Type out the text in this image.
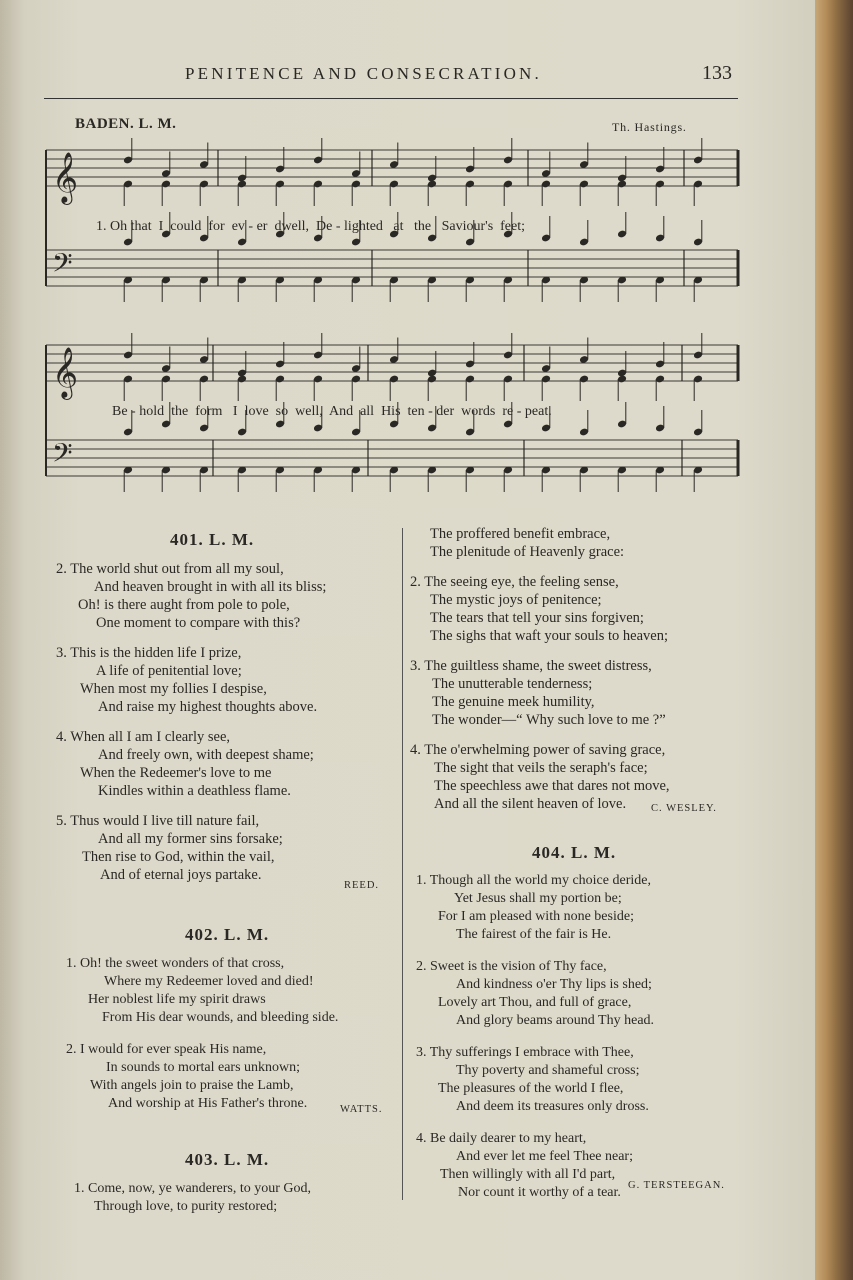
PENITENCE AND CONSECRATION.	133
BADEN. L. M.	Th. Hastings.
𝄞
𝄢
𝄞
𝄢
1. Oh that  I  could  for  ev - er  dwell,  De - lighted   at   the   Saviour's  feet;
Be - hold  the  form   I  love  so  well,  And  all  His  ten - der  words  re - peat.
401. L. M.
2. The world shut out from all my soul,
And heaven brought in with all its bliss;
Oh! is there aught from pole to pole,
One moment to compare with this?
3. This is the hidden life I prize,
A life of penitential love;
When most my follies I despise,
And raise my highest thoughts above.
4. When all I am I clearly see,
And freely own, with deepest shame;
When the Redeemer's love to me
Kindles within a deathless flame.
5. Thus would I live till nature fail,
And all my former sins forsake;
Then rise to God, within the vail,
And of eternal joys partake.
REED.
402. L. M.
1. Oh! the sweet wonders of that cross,
Where my Redeemer loved and died!
Her noblest life my spirit draws
From His dear wounds, and bleeding side.
2. I would for ever speak His name,
In sounds to mortal ears unknown;
With angels join to praise the Lamb,
And worship at His Father's throne.	WATTS.
403. L. M.
1. Come, now, ye wanderers, to your God,
Through love, to purity restored;
The proffered benefit embrace,
The plenitude of Heavenly grace:
2. The seeing eye, the feeling sense,
The mystic joys of penitence;
The tears that tell your sins forgiven;
The sighs that waft your souls to heaven;
3. The guiltless shame, the sweet distress,
The unutterable tenderness;
The genuine meek humility,
The wonder—“ Why such love to me ?”
4. The o'erwhelming power of saving grace,
The sight that veils the seraph's face;
The speechless awe that dares not move,
And all the silent heaven of love.	C. WESLEY.
404. L. M.
1. Though all the world my choice deride,
Yet Jesus shall my portion be;
For I am pleased with none beside;
The fairest of the fair is He.
2. Sweet is the vision of Thy face,
And kindness o'er Thy lips is shed;
Lovely art Thou, and full of grace,
And glory beams around Thy head.
3. Thy sufferings I embrace with Thee,
Thy poverty and shameful cross;
The pleasures of the world I flee,
And deem its treasures only dross.
4. Be daily dearer to my heart,
And ever let me feel Thee near;
Then willingly with all I'd part,
Nor count it worthy of a tear. G. TERSTEEGAN.
